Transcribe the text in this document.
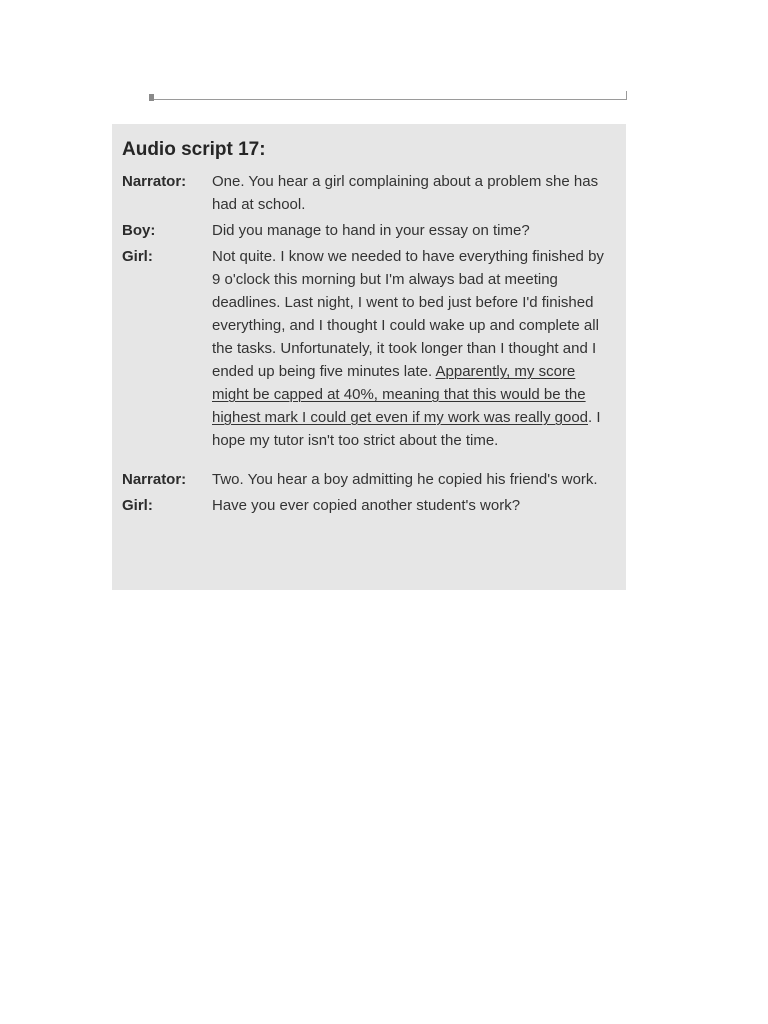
Audio script 17:
Narrator:	One. You hear a girl complaining about a problem she has had at school.
Boy:	Did you manage to hand in your essay on time?
Girl:	Not quite. I know we needed to have everything finished by 9 o'clock this morning but I'm always bad at meeting deadlines. Last night, I went to bed just before I'd finished everything, and I thought I could wake up and complete all the tasks. Unfortunately, it took longer than I thought and I ended up being five minutes late. Apparently, my score might be capped at 40%, meaning that this would be the highest mark I could get even if my work was really good. I hope my tutor isn't too strict about the time.
Narrator:	Two. You hear a boy admitting he copied his friend's work.
Girl:	Have you ever copied another student's work?
